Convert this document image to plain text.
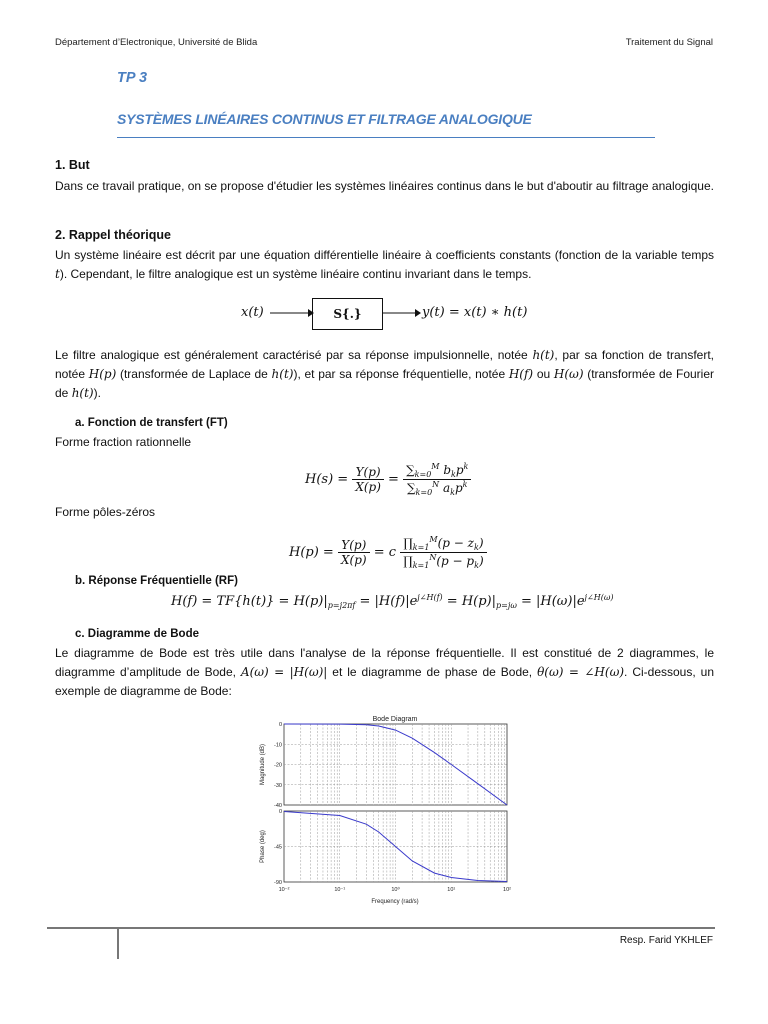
Département d’Electronique, Université de Blida	Traitement du Signal
TP 3
SYSTÈMES LINÉAIRES CONTINUS ET FILTRAGE ANALOGIQUE
1. But
Dans ce travail pratique, on se propose d'étudier les systèmes linéaires continus dans le but d'aboutir au filtrage analogique.
2. Rappel théorique
Un système linéaire est décrit par une équation différentielle linéaire à coefficients constants (fonction de la variable temps t). Cependant, le filtre analogique est un système linéaire continu invariant dans le temps.
x(t)	S{.}	y(t) = x(t) ∗ h(t)
Le filtre analogique est généralement caractérisé par sa réponse impulsionnelle, notée h(t), par sa fonction de transfert, notée H(p) (transformée de Laplace de h(t)), et par sa réponse fréquentielle, notée H(f) ou H(ω) (transformée de Fourier de h(t)).
a. Fonction de transfert (FT)
Forme fraction rationnelle
$H(s) = \frac{Y(p)}{X(p)} = \frac{\sum_{k=0}^M b_kp^k}{\sum_{k=0}^N a_kp^k}$
Forme pôles-zéros
$H(p) = \frac{Y(p)}{X(p)} = c \frac{\prod_{k=1}^M(p - z_k)}{\prod_{k=1}^N(p - p_k)}$
b. Réponse Fréquentielle (RF)
$H(f) = TF\{h(t)\} = H(p)|_{p=j2\pi f} = |H(f)|e^{j\angle H(f)} = H(p)|_{p=j\omega} = |H(\omega)|e^{j\angle H(\omega)}$
c. Diagramme de Bode
Le diagramme de Bode est très utile dans l'analyse de la réponse fréquentielle. Il est constitué de 2 diagrammes, le diagramme d’amplitude de Bode, A(ω) = |H(ω)| et le diagramme de phase de Bode, θ(ω) = ∠H(ω). Ci-dessous, un exemple de diagramme de Bode:
Bode Diagram
0
-10
-20
-30
-40
Magnitude (dB)
0
-45
-90
Phase (deg)
10⁻²	10⁻¹	10⁰	10¹	10²
Frequency (rad/s)
Resp. Farid YKHLEF
